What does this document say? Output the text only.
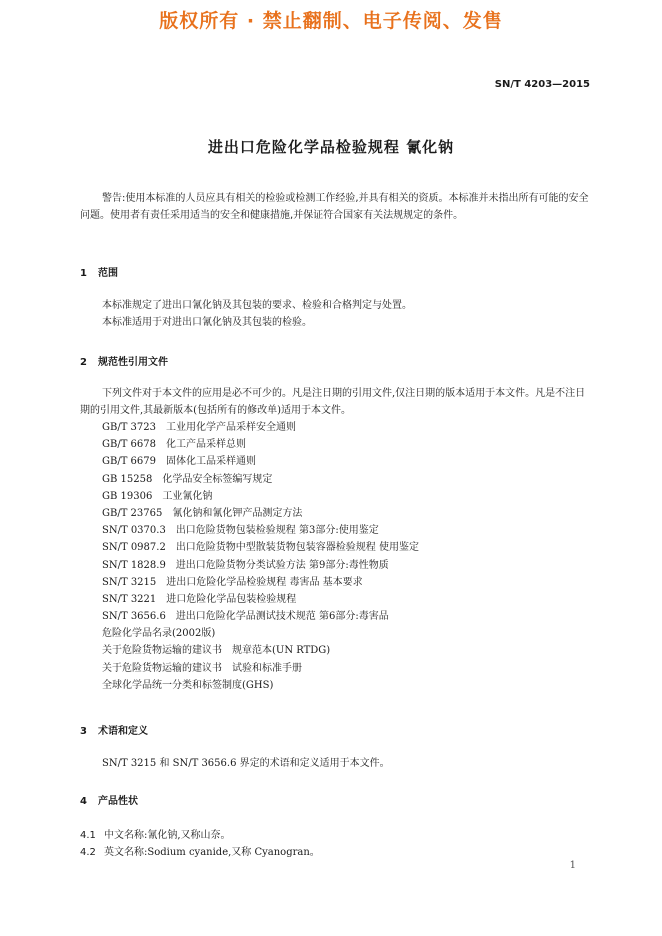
版权所有 · 禁止翻制、电子传阅、发售
SN/T 4203—2015
进出口危险化学品检验规程 氰化钠
警告:使用本标准的人员应具有相关的检验或检测工作经验,并具有相关的资质。本标准并未指出所有可能的安全问题。使用者有责任采用适当的安全和健康措施,并保证符合国家有关法规规定的条件。
1 范围
本标准规定了进出口氰化钠及其包装的要求、检验和合格判定与处置。
本标准适用于对进出口氰化钠及其包装的检验。
2 规范性引用文件
下列文件对于本文件的应用是必不可少的。凡是注日期的引用文件,仅注日期的版本适用于本文件。凡是不注日期的引用文件,其最新版本(包括所有的修改单)适用于本文件。
GB/T 3723 工业用化学产品采样安全通则
GB/T 6678 化工产品采样总则
GB/T 6679 固体化工品采样通则
GB 15258 化学品安全标签编写规定
GB 19306 工业氰化钠
GB/T 23765 氰化钠和氰化钾产品测定方法
SN/T 0370.3 出口危险货物包装检验规程 第3部分:使用鉴定
SN/T 0987.2 出口危险货物中型散装货物包装容器检验规程 使用鉴定
SN/T 1828.9 进出口危险货物分类试验方法 第9部分:毒性物质
SN/T 3215 进出口危险化学品检验规程 毒害品 基本要求
SN/T 3221 进口危险化学品包装检验规程
SN/T 3656.6 进出口危险化学品测试技术规范 第6部分:毒害品
危险化学品名录(2002版)
关于危险货物运输的建议书 规章范本(UN RTDG)
关于危险货物运输的建议书 试验和标准手册
全球化学品统一分类和标签制度(GHS)
3 术语和定义
SN/T 3215 和 SN/T 3656.6 界定的术语和定义适用于本文件。
4 产品性状
4.1 中文名称:氰化钠,又称山奈。
4.2 英文名称:Sodium cyanide,又称 Cyanogran。
1
